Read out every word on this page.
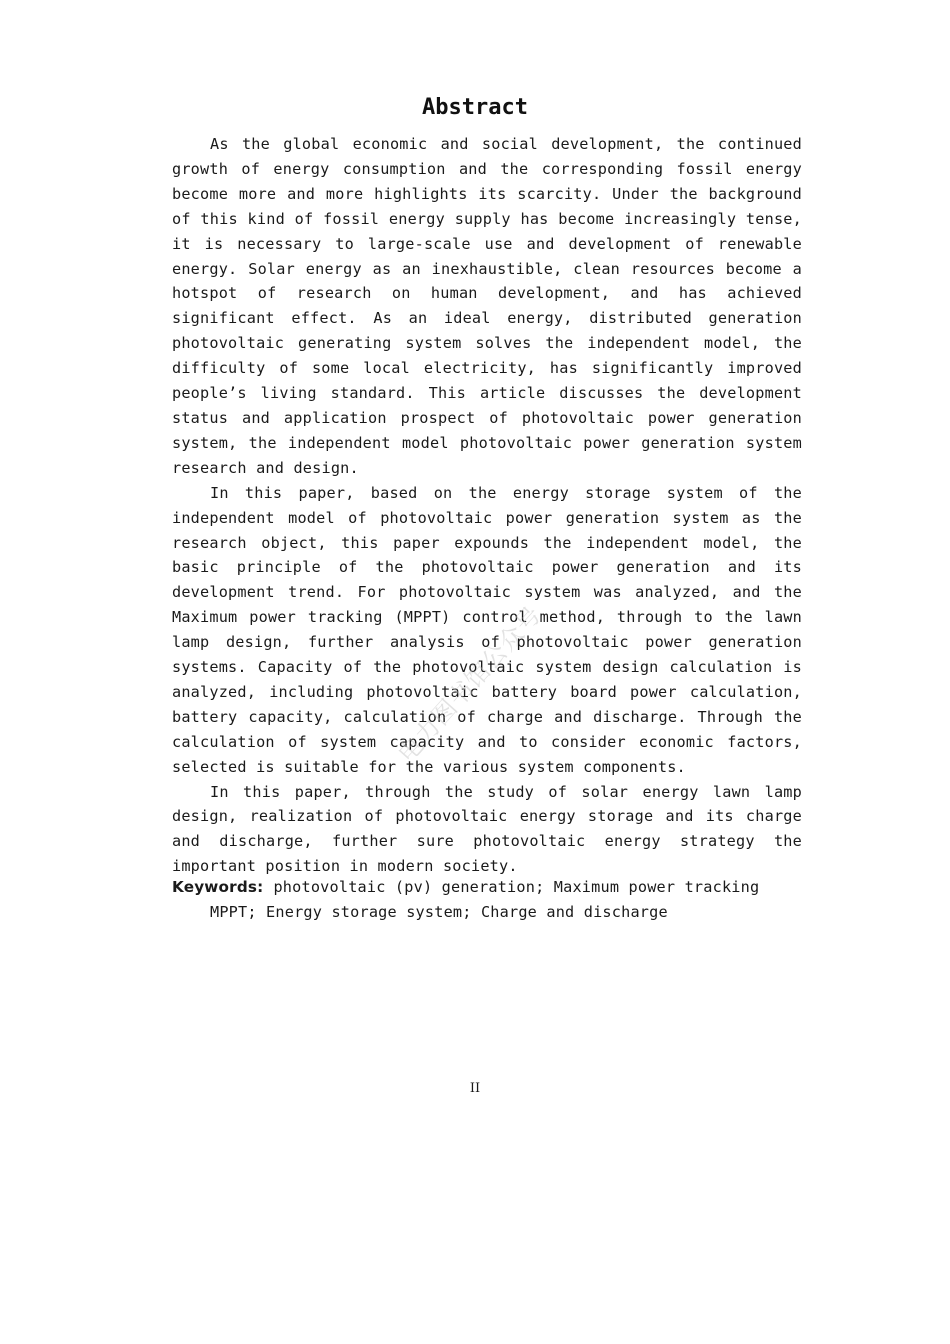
Abstract

As the global economic and social development, the continued growth of energy consumption and the corresponding fossil energy become more and more highlights its scarcity. Under the background of this kind of fossil energy supply has become increasingly tense, it is necessary to large-scale use and development of renewable energy. Solar energy as an inexhaustible, clean resources become a hotspot of research on human development, and has achieved significant effect. As an ideal energy, distributed generation photovoltaic generating system solves the independent model, the difficulty of some local electricity, has significantly improved people’s living standard. This article discusses the development status and application prospect of photovoltaic power generation system, the independent model photovoltaic power generation system research and design.

In this paper, based on the energy storage system of the independent model of photovoltaic power generation system as the research object, this paper expounds the independent model, the basic principle of the photovoltaic power generation and its development trend. For photovoltaic system was analyzed, and the Maximum power tracking (MPPT) control method, through to the lawn lamp design, further analysis of photovoltaic power generation systems. Capacity of the photovoltaic system design calculation is analyzed, including photovoltaic battery board power calculation, battery capacity, calculation of charge and discharge. Through the calculation of system capacity and to consider economic factors, selected is suitable for the various system components.

In this paper, through the study of solar energy lawn lamp design, realization of photovoltaic energy storage and its charge and discharge, further sure photovoltaic energy strategy the important position in modern society.

Keywords: photovoltaic (pv) generation; Maximum power tracking
MPPT; Energy storage system; Charge and discharge
II
电力图书馆公众号
